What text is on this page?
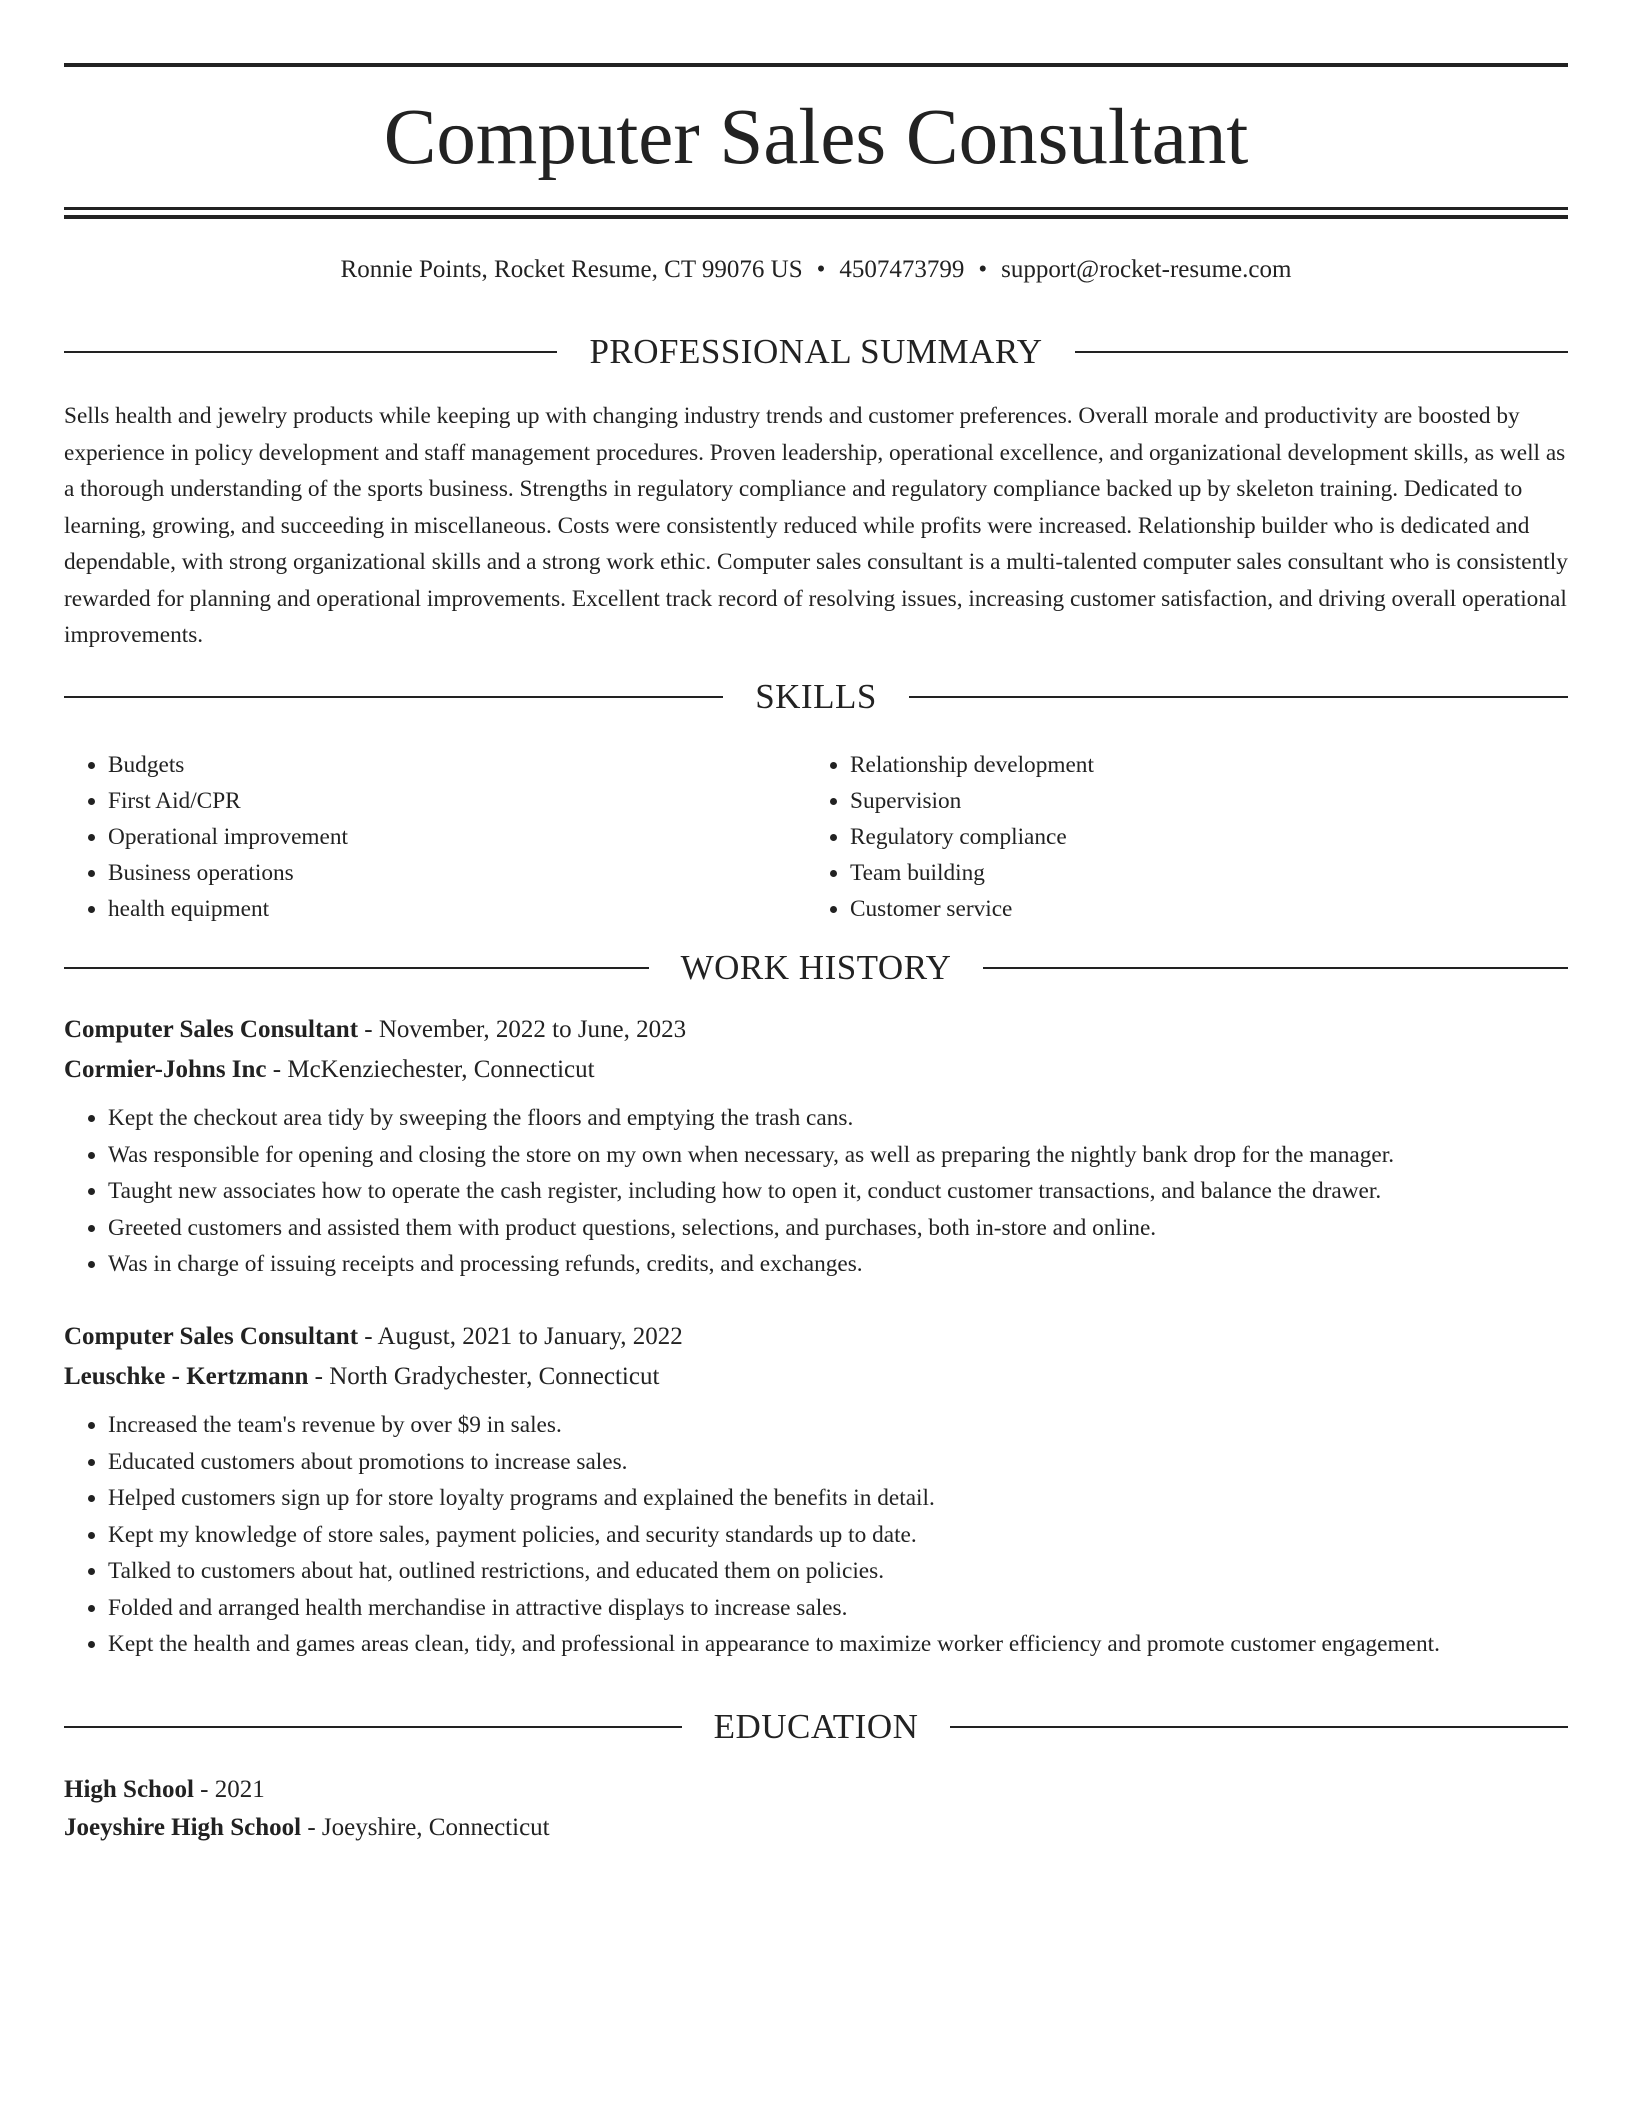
Computer Sales Consultant
Ronnie Points, Rocket Resume, CT 99076 US • 4507473799 • support@rocket-resume.com
PROFESSIONAL SUMMARY

Sells health and jewelry products while keeping up with changing industry trends and customer preferences. Overall morale and productivity are boosted by experience in policy development and staff management procedures. Proven leadership, operational excellence, and organizational development skills, as well as a thorough understanding of the sports business. Strengths in regulatory compliance and regulatory compliance backed up by skeleton training. Dedicated to learning, growing, and succeeding in miscellaneous. Costs were consistently reduced while profits were increased. Relationship builder who is dedicated and dependable, with strong organizational skills and a strong work ethic. Computer sales consultant is a multi-talented computer sales consultant who is consistently rewarded for planning and operational improvements. Excellent track record of resolving issues, increasing customer satisfaction, and driving overall operational improvements.

SKILLS
• Budgets
• First Aid/CPR
• Operational improvement
• Business operations
• health equipment
• Relationship development
• Supervision
• Regulatory compliance
• Team building
• Customer service
WORK HISTORY
Computer Sales Consultant - November, 2022 to June, 2023
Cormier-Johns Inc - McKenziechester, Connecticut
• Kept the checkout area tidy by sweeping the floors and emptying the trash cans.
• Was responsible for opening and closing the store on my own when necessary, as well as preparing the nightly bank drop for the manager.
• Taught new associates how to operate the cash register, including how to open it, conduct customer transactions, and balance the drawer.
• Greeted customers and assisted them with product questions, selections, and purchases, both in-store and online.
• Was in charge of issuing receipts and processing refunds, credits, and exchanges.
Computer Sales Consultant - August, 2021 to January, 2022
Leuschke - Kertzmann - North Gradychester, Connecticut
• Increased the team's revenue by over $9 in sales.
• Educated customers about promotions to increase sales.
• Helped customers sign up for store loyalty programs and explained the benefits in detail.
• Kept my knowledge of store sales, payment policies, and security standards up to date.
• Talked to customers about hat, outlined restrictions, and educated them on policies.
• Folded and arranged health merchandise in attractive displays to increase sales.
• Kept the health and games areas clean, tidy, and professional in appearance to maximize worker efficiency and promote customer engagement.
EDUCATION
High School - 2021
Joeyshire High School - Joeyshire, Connecticut
